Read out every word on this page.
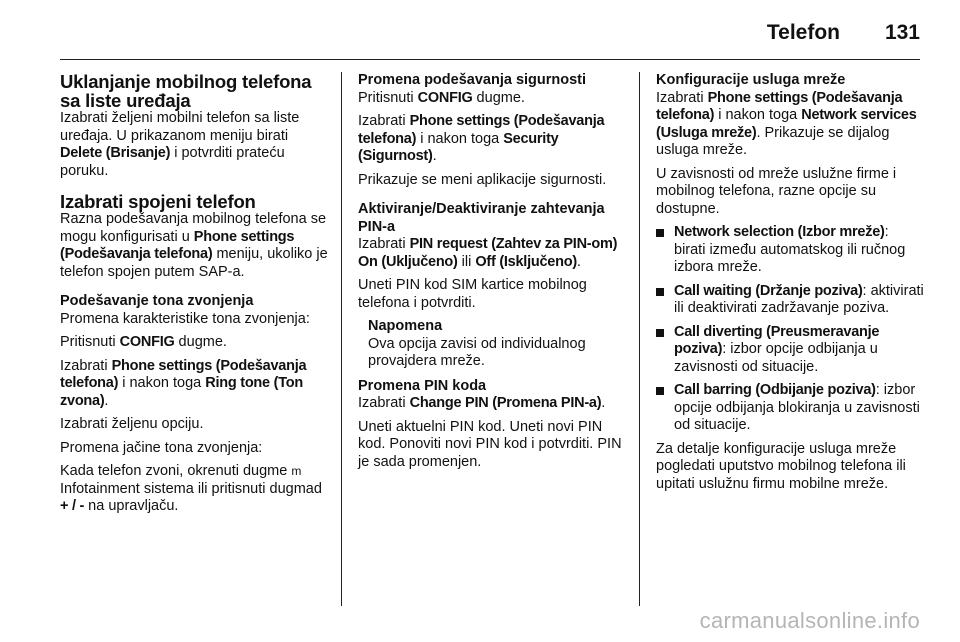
Telefon 131
Uklanjanje mobilnog telefona sa liste uređaja

Izabrati željeni mobilni telefon sa liste uređaja. U prikazanom meniju birati Delete (Brisanje) i potvrditi prateću poruku.

Izabrati spojeni telefon

Razna podešavanja mobilnog telefona se mogu konfigurisati u Phone settings (Podešavanja telefona) meniju, ukoliko je telefon spojen putem SAP-a.

Podešavanje tona zvonjenja

Promena karakteristike tona zvonjenja:

Pritisnuti CONFIG dugme.

Izabrati Phone settings (Podešavanja telefona) i nakon toga Ring tone (Ton zvona).

Izabrati željenu opciju.

Promena jačine tona zvonjenja:

Kada telefon zvoni, okrenuti dugme m Infotainment sistema ili pritisnuti dugmad + / - na upravljaču.

Promena podešavanja sigurnosti

Pritisnuti CONFIG dugme.

Izabrati Phone settings (Podešavanja telefona) i nakon toga Security (Sigurnost).

Prikazuje se meni aplikacije sigurnosti.

Aktiviranje/Deaktiviranje zahtevanja PIN-a

Izabrati PIN request (Zahtev za PIN-om) On (Uključeno) ili Off (Isključeno).

Uneti PIN kod SIM kartice mobilnog telefona i potvrditi.

Napomena
Ova opcija zavisi od individualnog provajdera mreže.
Promena PIN koda

Izabrati Change PIN (Promena PIN-a).

Uneti aktuelni PIN kod. Uneti novi PIN kod. Ponoviti novi PIN kod i potvrditi. PIN je sada promenjen.

Konfiguracije usluga mreže

Izabrati Phone settings (Podešavanja telefona) i nakon toga Network services (Usluga mreže). Prikazuje se dijalog usluga mreže.

U zavisnosti od mreže uslužne firme i mobilnog telefona, razne opcije su dostupne.

Network selection (Izbor mreže): birati između automatskog ili ručnog izbora mreže.
Call waiting (Držanje poziva): aktivirati ili deaktivirati zadržavanje poziva.
Call diverting (Preusmeravanje poziva): izbor opcije odbijanja u zavisnosti od situacije.
Call barring (Odbijanje poziva): izbor opcije odbijanja blokiranja u zavisnosti od situacije.

Za detalje konfiguracije usluga mreže pogledati uputstvo mobilnog telefona ili upitati uslužnu firmu mobilne mreže.

carmanualsonline.info
